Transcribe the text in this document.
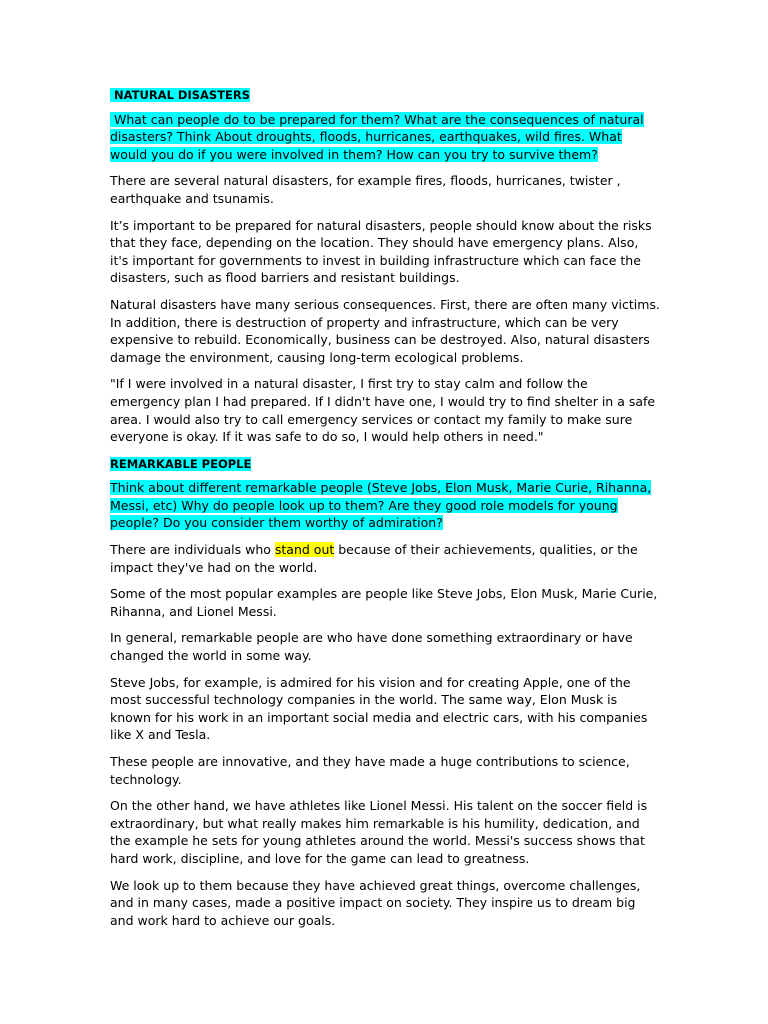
NATURAL DISASTERS

What can people do to be prepared for them? What are the consequences of natural disasters? Think About droughts, floods, hurricanes, earthquakes, wild fires. What would you do if you were involved in them? How can you try to survive them?

There are several natural disasters, for example fires, floods, hurricanes, twister , earthquake and tsunamis.

It’s important to be prepared for natural disasters, people should know about the risks that they face, depending on the location. They should have emergency plans. Also, it's important for governments to invest in building infrastructure which can face the disasters, such as flood barriers and resistant buildings.

Natural disasters have many serious consequences. First, there are often many victims. In addition, there is destruction of property and infrastructure, which can be very expensive to rebuild. Economically, business can be destroyed. Also, natural disasters damage the environment, causing long-term ecological problems.

"If I were involved in a natural disaster, I first try to stay calm and follow the emergency plan I had prepared. If I didn't have one, I would try to find shelter in a safe area. I would also try to call emergency services or contact my family to make sure everyone is okay. If it was safe to do so, I would help others in need."

REMARKABLE PEOPLE

Think about different remarkable people (Steve Jobs, Elon Musk, Marie Curie, Rihanna, Messi, etc) Why do people look up to them? Are they good role models for young people? Do you consider them worthy of admiration?

There are individuals who stand out because of their achievements, qualities, or the impact they've had on the world.

Some of the most popular examples are people like Steve Jobs, Elon Musk, Marie Curie, Rihanna, and Lionel Messi.

In general, remarkable people are who have done something extraordinary or have changed the world in some way.

Steve Jobs, for example, is admired for his vision and for creating Apple, one of the most successful technology companies in the world. The same way, Elon Musk is known for his work in an important social media and electric cars, with his companies like X and Tesla.

These people are innovative, and they have made a huge contributions to science, technology.

On the other hand, we have athletes like Lionel Messi. His talent on the soccer field is extraordinary, but what really makes him remarkable is his humility, dedication, and the example he sets for young athletes around the world. Messi's success shows that hard work, discipline, and love for the game can lead to greatness.

We look up to them because they have achieved great things, overcome challenges, and in many cases, made a positive impact on society. They inspire us to dream big and work hard to achieve our goals.
